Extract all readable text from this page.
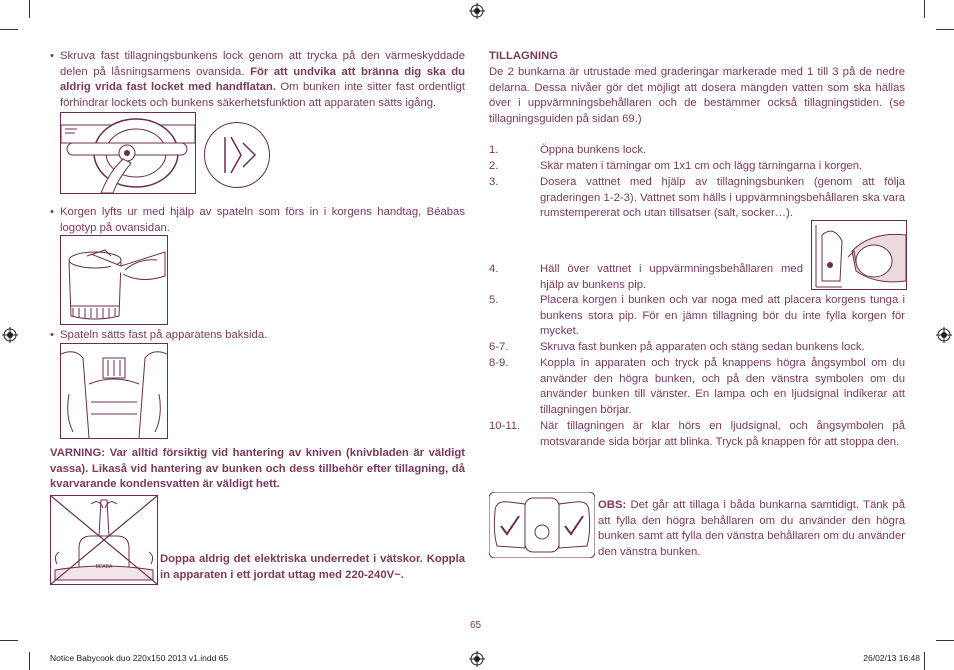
• Skruva fast tillagningsbunkens lock genom att trycka på den värmeskyddade delen på låsningsarmens ovansida. För att undvika att bränna dig ska du aldrig vrida fast locket med handflatan. Om bunken inte sitter fast ordentligt förhindrar lockets och bunkens säkerhetsfunktion att apparaten sätts igång.
• Korgen lyfts ur med hjälp av spateln som förs in i korgens handtag, Béabas logotyp på ovansidan.
• Spateln sätts fast på apparatens baksida.
VARNING: Var alltid försiktig vid hantering av kniven (knivbladen är väldigt vassa). Likaså vid hantering av bunken och dess tillbehör efter tillagning, då kvarvarande kondensvatten är väldigt hett.
BÉABA
Doppa aldrig det elektriska underredet i vätskor. Koppla in apparaten i ett jordat uttag med 220-240V~.
TILLAGNING
De 2 bunkarna är utrustade med graderingar markerade med 1 till 3 på de nedre delarna. Dessa nivåer gör det möjligt att dosera mängden vatten som ska hällas över i uppvärmningsbehållaren och de bestämmer också tillagningstiden. (se tillagningsguiden på sidan 69.)
1.	Öppna bunkens lock.
2.	Skär maten i tärningar om 1x1 cm och lägg tärningarna i korgen.
3.	Dosera vattnet med hjälp av tillagningsbunken (genom att följa graderingen 1-2-3). Vattnet som hälls i uppvärmningsbehållaren ska vara rumstempererat och utan tillsatser (salt, socker…).
4.	Häll över vattnet i uppvärmningsbehållaren med hjälp av bunkens pip.
5.	Placera korgen i bunken och var noga med att placera korgens tunga i bunkens stora pip. För en jämn tillagning bör du inte fylla korgen för mycket.
6-7.	Skruva fast bunken på apparaten och stäng sedan bunkens lock.
8-9.	Koppla in apparaten och tryck på knappens högra ångsymbol om du använder den högra bunken, och på den vänstra symbolen om du använder bunken till vänster. En lampa och en ljudsignal indikerar att tillagningen börjar.
10-11.	När tillagningen är klar hörs en ljudsignal, och ångsymbolen på motsvarande sida börjar att blinka. Tryck på knappen för att stoppa den.
OBS: Det går att tillaga i båda bunkarna samtidigt. Tänk på att fylla den högra behållaren om du använder den högra bunken samt att fylla den vänstra behållaren om du använder den vänstra bunken.
65
Notice Babycook duo 220x150 2013 v1.indd 65	26/02/13 16:48
